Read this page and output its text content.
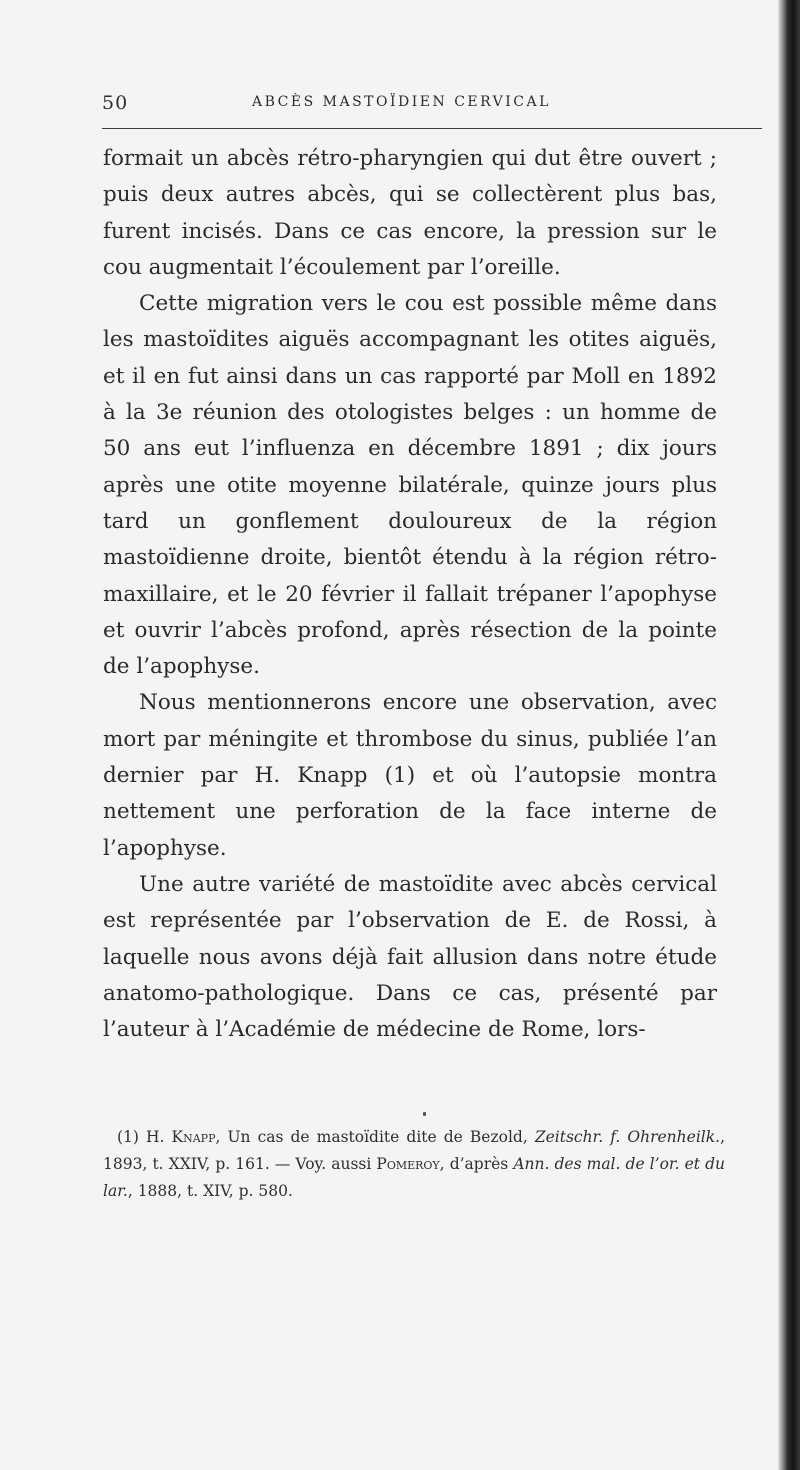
50	ABCÈS MASTOÏDIEN CERVICAL

formait un abcès rétro-pharyngien qui dut être ouvert ; puis deux autres abcès, qui se collectèrent plus bas, furent incisés. Dans ce cas encore, la pression sur le cou augmentait l’écoulement par l’oreille.

Cette migration vers le cou est possible même dans les mastoïdites aiguës accompagnant les otites aiguës, et il en fut ainsi dans un cas rapporté par Moll en 1892 à la 3e réunion des otologistes belges : un homme de 50 ans eut l’influenza en décembre 1891 ; dix jours après une otite moyenne bilatérale, quinze jours plus tard un gonflement douloureux de la région mastoïdienne droite, bientôt étendu à la région rétro-maxillaire, et le 20 février il fallait trépaner l’apophyse et ouvrir l’abcès profond, après résection de la pointe de l’apophyse.

Nous mentionnerons encore une observation, avec mort par méningite et thrombose du sinus, publiée l’an dernier par H. Knapp (1) et où l’autopsie montra nettement une perforation de la face interne de l’apophyse.

Une autre variété de mastoïdite avec abcès cervical est représentée par l’observation de E. de Rossi, à laquelle nous avons déjà fait allusion dans notre étude anatomo-pathologique. Dans ce cas, présenté par l’auteur à l’Académie de médecine de Rome, lors-

(1) H. Knapp, Un cas de mastoïdite dite de Bezold, Zeitschr. f. Ohrenheilk., 1893, t. XXIV, p. 161. — Voy. aussi Pomeroy, d’après Ann. des mal. de l’or. et du lar., 1888, t. XIV, p. 580.
